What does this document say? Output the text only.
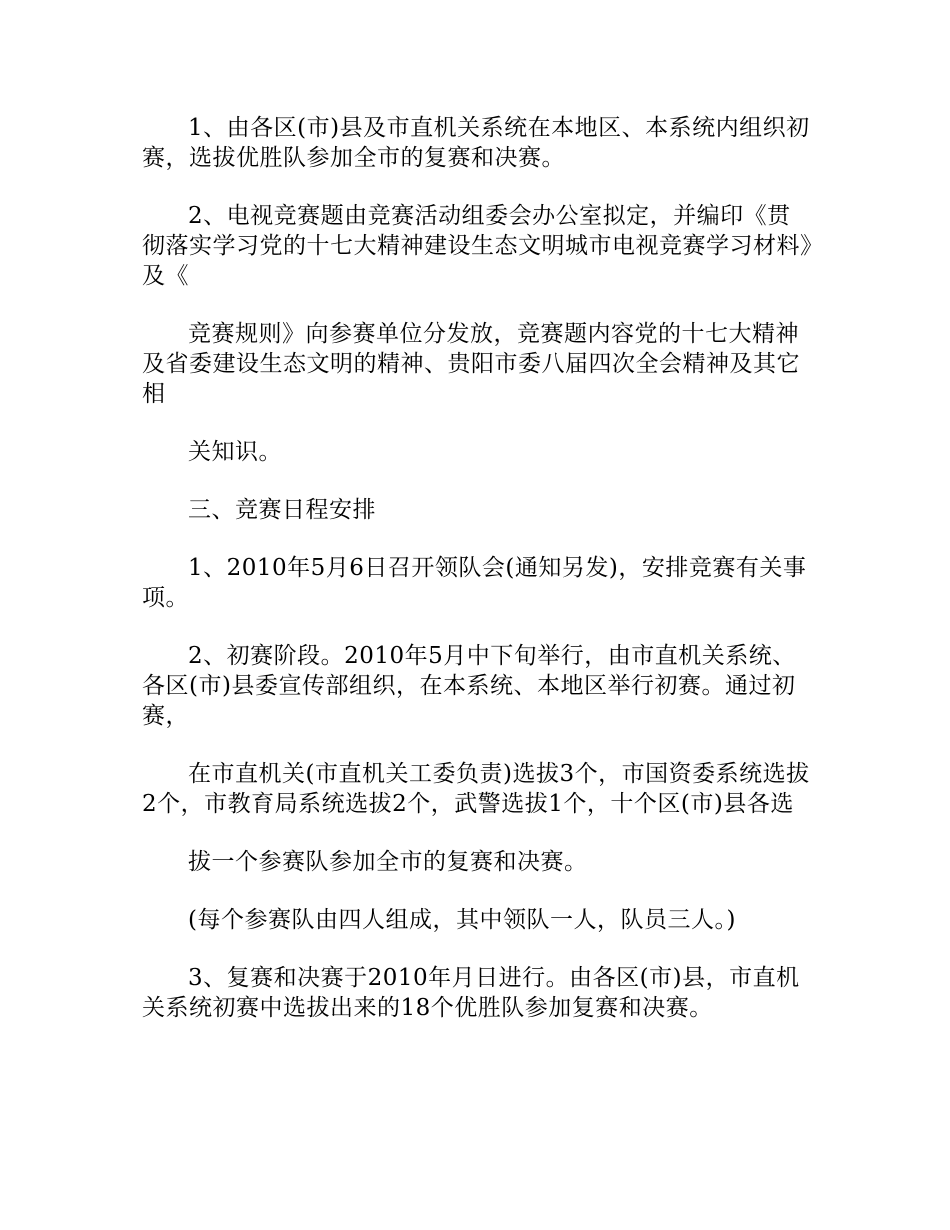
1、由各区(市)县及市直机关系统在本地区、本系统内组织初赛，选拔优胜队参加全市的复赛和决赛。

2、电视竞赛题由竞赛活动组委会办公室拟定，并编印《贯彻落实学习党的十七大精神建设生态文明城市电视竞赛学习材料》及《

竞赛规则》向参赛单位分发放，竞赛题内容党的十七大精神及省委建设生态文明的精神、贵阳市委八届四次全会精神及其它相

关知识。

三、竞赛日程安排

1、2010年5月6日召开领队会(通知另发)，安排竞赛有关事项。

2、初赛阶段。2010年5月中下旬举行，由市直机关系统、各区(市)县委宣传部组织，在本系统、本地区举行初赛。通过初赛，

在市直机关(市直机关工委负责)选拔3个，市国资委系统选拔2个，市教育局系统选拔2个，武警选拔1个，十个区(市)县各选

拔一个参赛队参加全市的复赛和决赛。

(每个参赛队由四人组成，其中领队一人，队员三人。)

3、复赛和决赛于2010年月日进行。由各区(市)县，市直机关系统初赛中选拔出来的18个优胜队参加复赛和决赛。
